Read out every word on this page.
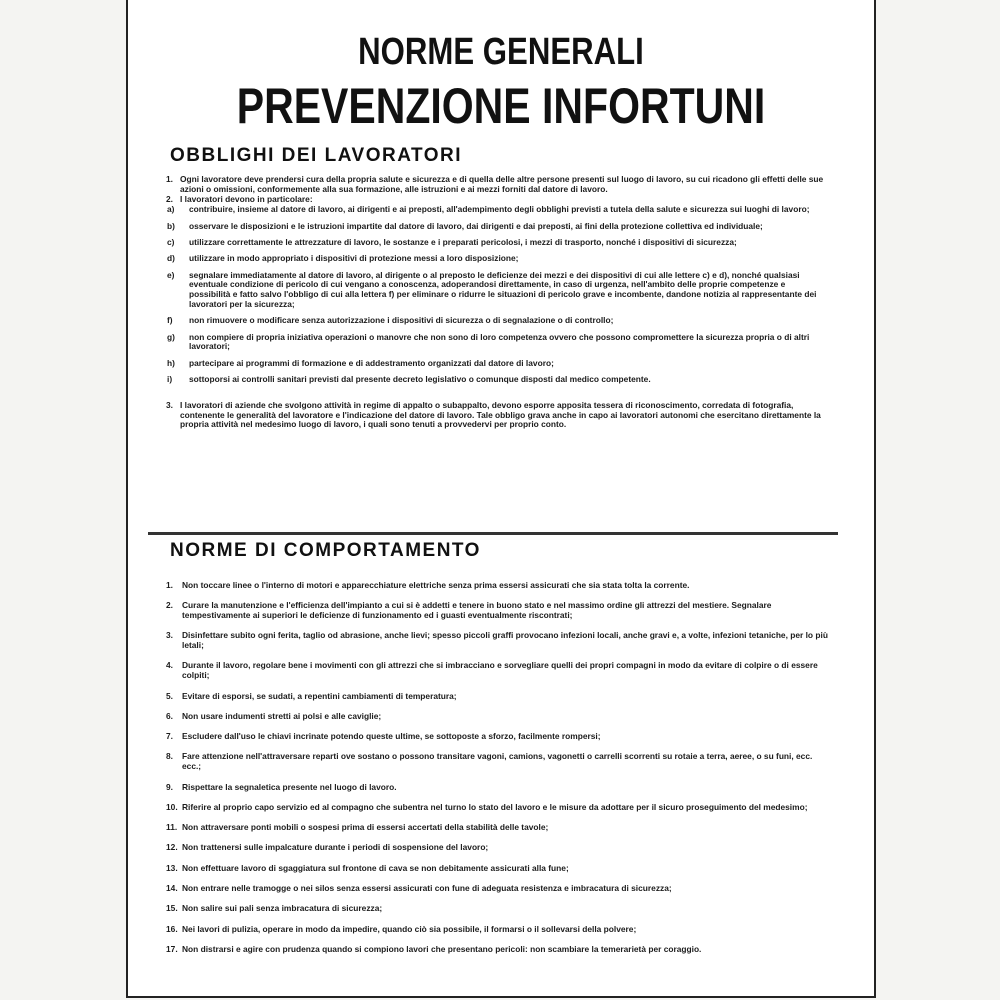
NORME GENERALI
PREVENZIONE INFORTUNI
OBBLIGHI DEI LAVORATORI
1. Ogni lavoratore deve prendersi cura della propria salute e sicurezza e di quella delle altre persone presenti sul luogo di lavoro, su cui ricadono gli effetti delle sue azioni o omissioni, conformemente alla sua formazione, alle istruzioni e ai mezzi forniti dal datore di lavoro.
2. I lavoratori devono in particolare:
a)	contribuire, insieme al datore di lavoro, ai dirigenti e ai preposti, all'adempimento degli obblighi previsti a tutela della salute e sicurezza sui luoghi di lavoro;
b)	osservare le disposizioni e le istruzioni impartite dal datore di lavoro, dai dirigenti e dai preposti, ai fini della protezione collettiva ed individuale;
c)	utilizzare correttamente le attrezzature di lavoro, le sostanze e i preparati pericolosi, i mezzi di trasporto, nonché i dispositivi di sicurezza;
d)	utilizzare in modo appropriato i dispositivi di protezione messi a loro disposizione;
e)	segnalare immediatamente al datore di lavoro, al dirigente o al preposto le deficienze dei mezzi e dei dispositivi di cui alle lettere c) e d), nonché qualsiasi eventuale condizione di pericolo di cui vengano a conoscenza, adoperandosi direttamente, in caso di urgenza, nell'ambito delle proprie competenze e possibilità e fatto salvo l'obbligo di cui alla lettera f) per eliminare o ridurre le situazioni di pericolo grave e incombente, dandone notizia al rappresentante dei lavoratori per la sicurezza;
f)	non rimuovere o modificare senza autorizzazione i dispositivi di sicurezza o di segnalazione o di controllo;
g)	non compiere di propria iniziativa operazioni o manovre che non sono di loro competenza ovvero che possono compromettere la sicurezza propria o di altri lavoratori;
h)	partecipare ai programmi di formazione e di addestramento organizzati dal datore di lavoro;
i)	sottoporsi ai controlli sanitari previsti dal presente decreto legislativo o comunque disposti dal medico competente.
3. I lavoratori di aziende che svolgono attività in regime di appalto o subappalto, devono esporre apposita tessera di riconoscimento, corredata di fotografia, contenente le generalità del lavoratore e l'indicazione del datore di lavoro. Tale obbligo grava anche in capo ai lavoratori autonomi che esercitano direttamente la propria attività nel medesimo luogo di lavoro, i quali sono tenuti a provvedervi per proprio conto.
NORME DI COMPORTAMENTO
1.	Non toccare linee o l'interno di motori e apparecchiature elettriche senza prima essersi assicurati che sia stata tolta la corrente.
2.	Curare la manutenzione e l'efficienza dell'impianto a cui si è addetti e tenere in buono stato e nel massimo ordine gli attrezzi del mestiere. Segnalare tempestivamente ai superiori le deficienze di funzionamento ed i guasti eventualmente riscontrati;
3.	Disinfettare subito ogni ferita, taglio od abrasione, anche lievi; spesso piccoli graffi provocano infezioni locali, anche gravi e, a volte, infezioni tetaniche, per lo più letali;
4.	Durante il lavoro, regolare bene i movimenti con gli attrezzi che si imbracciano e sorvegliare quelli dei propri compagni in modo da evitare di colpire o di essere colpiti;
5.	Evitare di esporsi, se sudati, a repentini cambiamenti di temperatura;
6.	Non usare indumenti stretti ai polsi e alle caviglie;
7.	Escludere dall'uso le chiavi incrinate potendo queste ultime, se sottoposte a sforzo, facilmente rompersi;
8.	Fare attenzione nell'attraversare reparti ove sostano o possono transitare vagoni, camions, vagonetti o carrelli scorrenti su rotaie a terra, aeree, o su funi, ecc. ecc.;
9.	Rispettare la segnaletica presente nel luogo di lavoro.
10. Riferire al proprio capo servizio ed al compagno che subentra nel turno lo stato del lavoro e le misure da adottare per il sicuro proseguimento del medesimo;
11. Non attraversare ponti mobili o sospesi prima di essersi accertati della stabilità delle tavole;
12. Non trattenersi sulle impalcature durante i periodi di sospensione del lavoro;
13. Non effettuare lavoro di sgaggiatura sul frontone di cava se non debitamente assicurati alla fune;
14. Non entrare nelle tramogge o nei silos senza essersi assicurati con fune di adeguata resistenza e imbracatura di sicurezza;
15. Non salire sui pali senza imbracatura di sicurezza;
16. Nei lavori di pulizia, operare in modo da impedire, quando ciò sia possibile, il formarsi o il sollevarsi della polvere;
17. Non distrarsi e agire con prudenza quando si compiono lavori che presentano pericoli: non scambiare la temerarietà per coraggio.
